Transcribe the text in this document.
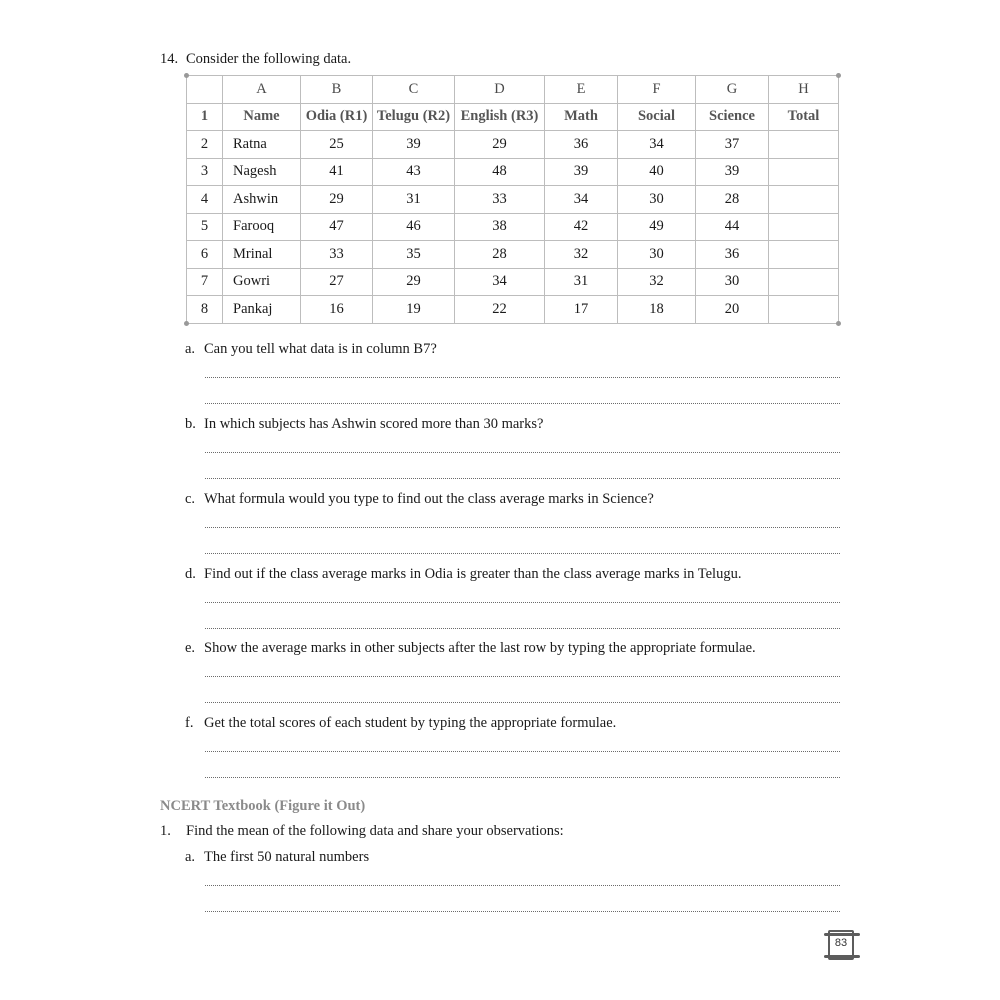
14. Consider the following data.
	A	B	C	D	E	F	G	H
1	Name	Odia (R1)	Telugu (R2)	English (R3)	Math	Social	Science	Total
2	Ratna	25	39	29	36	34	37	
3	Nagesh	41	43	48	39	40	39	
4	Ashwin	29	31	33	34	30	28	
5	Farooq	47	46	38	42	49	44	
6	Mrinal	33	35	28	32	30	36	
7	Gowri	27	29	34	31	32	30	
8	Pankaj	16	19	22	17	18	20	
a. Can you tell what data is in column B7?
b. In which subjects has Ashwin scored more than 30 marks?
c. What formula would you type to find out the class average marks in Science?
d. Find out if the class average marks in Odia is greater than the class average marks in Telugu.
e. Show the average marks in other subjects after the last row by typing the appropriate formulae.
f. Get the total scores of each student by typing the appropriate formulae.
NCERT Textbook (Figure it Out)
1. Find the mean of the following data and share your observations:
a. The first 50 natural numbers
83
